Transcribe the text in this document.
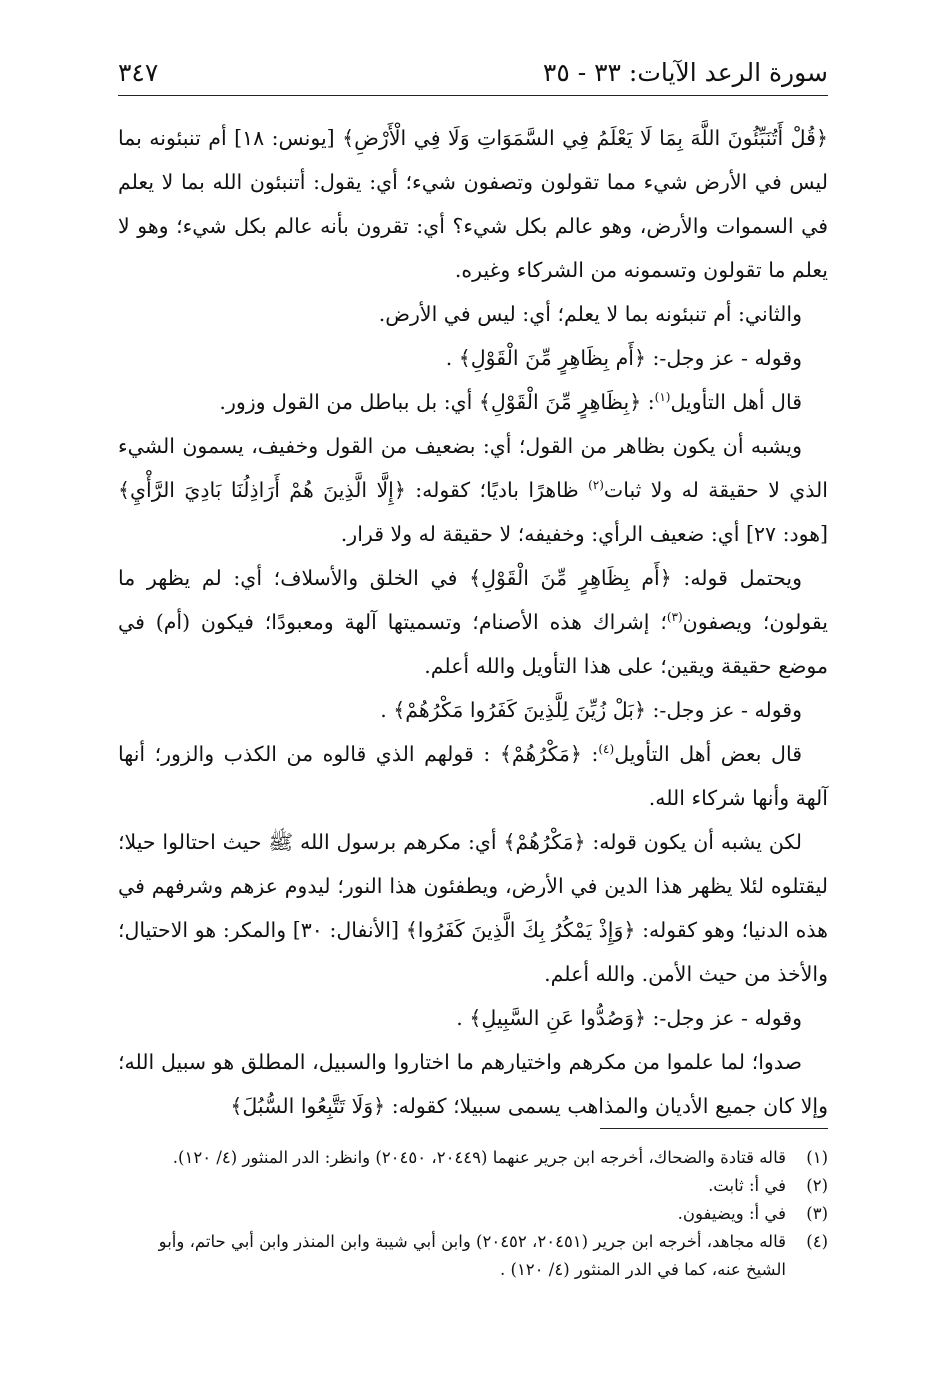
سورة الرعد الآيات: ٣٣ - ٣٥
٣٤٧

﴿قُلْ أَتُنَبِّئُونَ اللَّهَ بِمَا لَا يَعْلَمُ فِي السَّمَوَاتِ وَلَا فِي الْأَرْضِ﴾ [يونس: ١٨] أم تنبئونه بما ليس في الأرض شيء مما تقولون وتصفون شيء؛ أي: يقول: أتنبئون الله بما لا يعلم في السموات والأرض، وهو عالم بكل شيء؟ أي: تقرون بأنه عالم بكل شيء؛ وهو لا يعلم ما تقولون وتسمونه من الشركاء وغيره.

والثاني: أم تنبئونه بما لا يعلم؛ أي: ليس في الأرض.

وقوله - عز وجل-: ﴿أَم بِظَاهِرٍ مِّنَ الْقَوْلِ﴾ .

قال أهل التأويل$^{(١)}$: ﴿بِظَاهِرٍ مِّنَ الْقَوْلِ﴾ أي: بل بباطل من القول وزور.

ويشبه أن يكون بظاهر من القول؛ أي: بضعيف من القول وخفيف، يسمون الشيء الذي لا حقيقة له ولا ثبات$^{(٢)}$ ظاهرًا باديًا؛ كقوله: ﴿إِلَّا الَّذِينَ هُمْ أَرَاذِلُنَا بَادِيَ الرَّأْيِ﴾ [هود: ٢٧] أي: ضعيف الرأي: وخفيفه؛ لا حقيقة له ولا قرار.

ويحتمل قوله: ﴿أَم بِظَاهِرٍ مِّنَ الْقَوْلِ﴾ في الخلق والأسلاف؛ أي: لم يظهر ما يقولون؛ ويصفون$^{(٣)}$؛ إشراك هذه الأصنام؛ وتسميتها آلهة ومعبودًا؛ فيكون (أم) في موضع حقيقة ويقين؛ على هذا التأويل والله أعلم.

وقوله - عز وجل-: ﴿بَلْ زُيِّنَ لِلَّذِينَ كَفَرُوا مَكْرُهُمْ﴾ .

قال بعض أهل التأويل$^{(٤)}$: ﴿مَكْرُهُمْ﴾ : قولهم الذي قالوه من الكذب والزور؛ أنها آلهة وأنها شركاء الله.

لكن يشبه أن يكون قوله: ﴿مَكْرُهُمْ﴾ أي: مكرهم برسول الله ﷺ حيث احتالوا حيلا؛ ليقتلوه لئلا يظهر هذا الدين في الأرض، ويطفئون هذا النور؛ ليدوم عزهم وشرفهم في هذه الدنيا؛ وهو كقوله: ﴿وَإِذْ يَمْكُرُ بِكَ الَّذِينَ كَفَرُوا﴾ [الأنفال: ٣٠] والمكر: هو الاحتيال؛ والأخذ من حيث الأمن. والله أعلم.

وقوله - عز وجل-: ﴿وَصُدُّوا عَنِ السَّبِيلِ﴾ .

صدوا؛ لما علموا من مكرهم واختيارهم ما اختاروا والسبيل، المطلق هو سبيل الله؛ وإلا كان جميع الأديان والمذاهب يسمى سبيلا؛ كقوله: ﴿وَلَا تَتَّبِعُوا السُّبُلَ﴾

(١)
قاله قتادة والضحاك، أخرجه ابن جرير عنهما (٢٠٤٤٩، ٢٠٤٥٠) وانظر: الدر المنثور (٤/ ١٢٠).
(٢)
في أ: ثابت.
(٣)
في أ: ويضيفون.
(٤)
قاله مجاهد، أخرجه ابن جرير (٢٠٤٥١، ٢٠٤٥٢) وابن أبي شيبة وابن المنذر وابن أبي حاتم، وأبو الشيخ عنه، كما في الدر المنثور (٤/ ١٢٠) .
